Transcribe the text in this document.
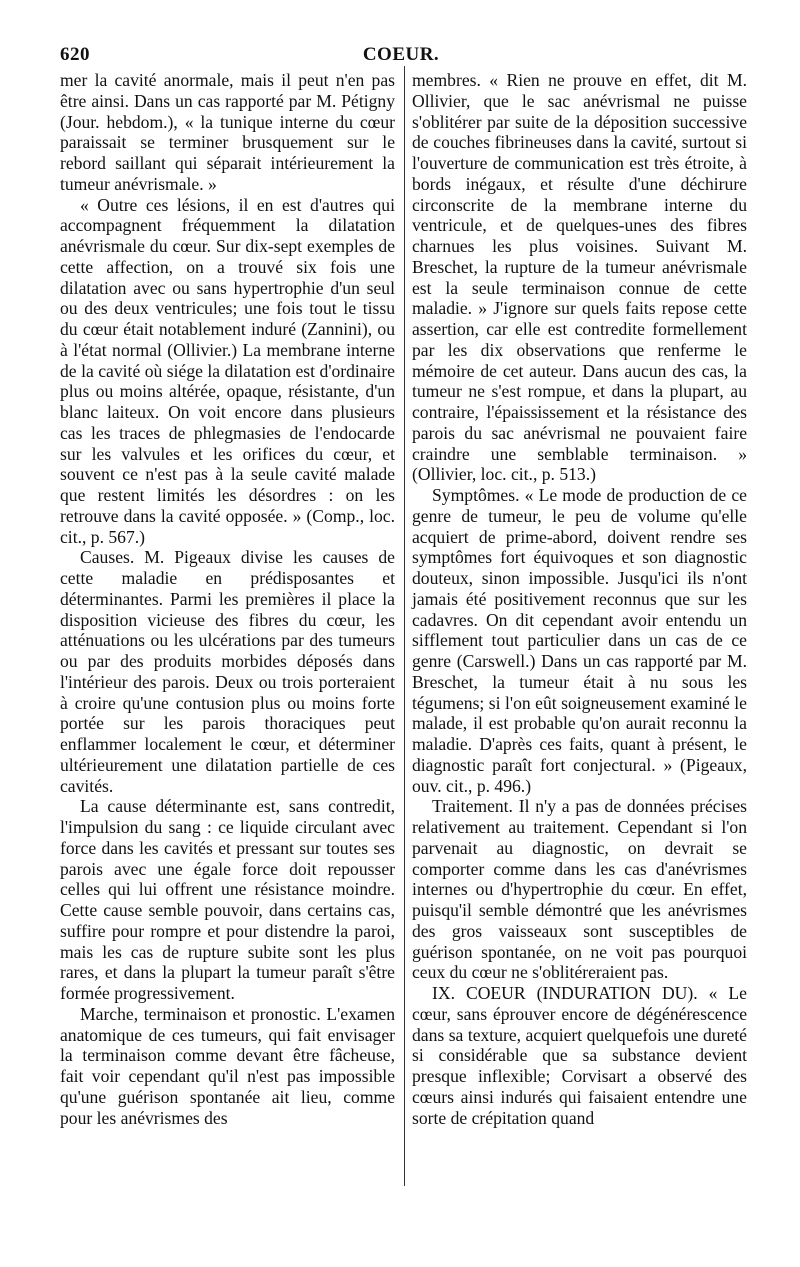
620	COEUR.

mer la cavité anormale, mais il peut n'en pas être ainsi. Dans un cas rapporté par M. Pétigny (Jour. hebdom.), « la tunique interne du cœur paraissait se terminer brusquement sur le rebord saillant qui séparait intérieurement la tumeur anévrismale. »

« Outre ces lésions, il en est d'autres qui accompagnent fréquemment la dilatation anévrismale du cœur. Sur dix-sept exemples de cette affection, on a trouvé six fois une dilatation avec ou sans hypertrophie d'un seul ou des deux ventricules; une fois tout le tissu du cœur était notablement induré (Zannini), ou à l'état normal (Ollivier.) La membrane interne de la cavité où siége la dilatation est d'ordinaire plus ou moins altérée, opaque, résistante, d'un blanc laiteux. On voit encore dans plusieurs cas les traces de phlegmasies de l'endocarde sur les valvules et les orifices du cœur, et souvent ce n'est pas à la seule cavité malade que restent limités les désordres : on les retrouve dans la cavité opposée. » (Comp., loc. cit., p. 567.)

Causes. M. Pigeaux divise les causes de cette maladie en prédisposantes et déterminantes. Parmi les premières il place la disposition vicieuse des fibres du cœur, les atténuations ou les ulcérations par des tumeurs ou par des produits morbides déposés dans l'intérieur des parois. Deux ou trois porteraient à croire qu'une contusion plus ou moins forte portée sur les parois thoraciques peut enflammer localement le cœur, et déterminer ultérieurement une dilatation partielle de ces cavités.

La cause déterminante est, sans contredit, l'impulsion du sang : ce liquide circulant avec force dans les cavités et pressant sur toutes ses parois avec une égale force doit repousser celles qui lui offrent une résistance moindre. Cette cause semble pouvoir, dans certains cas, suffire pour rompre et pour distendre la paroi, mais les cas de rupture subite sont les plus rares, et dans la plupart la tumeur paraît s'être formée progressivement.

Marche, terminaison et pronostic. L'examen anatomique de ces tumeurs, qui fait envisager la terminaison comme devant être fâcheuse, fait voir cependant qu'il n'est pas impossible qu'une guérison spontanée ait lieu, comme pour les anévrismes des

membres. « Rien ne prouve en effet, dit M. Ollivier, que le sac anévrismal ne puisse s'oblitérer par suite de la déposition successive de couches fibrineuses dans la cavité, surtout si l'ouverture de communication est très étroite, à bords inégaux, et résulte d'une déchirure circonscrite de la membrane interne du ventricule, et de quelques-unes des fibres charnues les plus voisines. Suivant M. Breschet, la rupture de la tumeur anévrismale est la seule terminaison connue de cette maladie. » J'ignore sur quels faits repose cette assertion, car elle est contredite formellement par les dix observations que renferme le mémoire de cet auteur. Dans aucun des cas, la tumeur ne s'est rompue, et dans la plupart, au contraire, l'épaississement et la résistance des parois du sac anévrismal ne pouvaient faire craindre une semblable terminaison. » (Ollivier, loc. cit., p. 513.)

Symptômes. « Le mode de production de ce genre de tumeur, le peu de volume qu'elle acquiert de prime-abord, doivent rendre ses symptômes fort équivoques et son diagnostic douteux, sinon impossible. Jusqu'ici ils n'ont jamais été positivement reconnus que sur les cadavres. On dit cependant avoir entendu un sifflement tout particulier dans un cas de ce genre (Carswell.) Dans un cas rapporté par M. Breschet, la tumeur était à nu sous les tégumens; si l'on eût soigneusement examiné le malade, il est probable qu'on aurait reconnu la maladie. D'après ces faits, quant à présent, le diagnostic paraît fort conjectural. » (Pigeaux, ouv. cit., p. 496.)

Traitement. Il n'y a pas de données précises relativement au traitement. Cependant si l'on parvenait au diagnostic, on devrait se comporter comme dans les cas d'anévrismes internes ou d'hypertrophie du cœur. En effet, puisqu'il semble démontré que les anévrismes des gros vaisseaux sont susceptibles de guérison spontanée, on ne voit pas pourquoi ceux du cœur ne s'oblitéreraient pas.

IX. COEUR (INDURATION DU). « Le cœur, sans éprouver encore de dégénérescence dans sa texture, acquiert quelquefois une dureté si considérable que sa substance devient presque inflexible; Corvisart a observé des cœurs ainsi indurés qui faisaient entendre une sorte de crépitation quand
